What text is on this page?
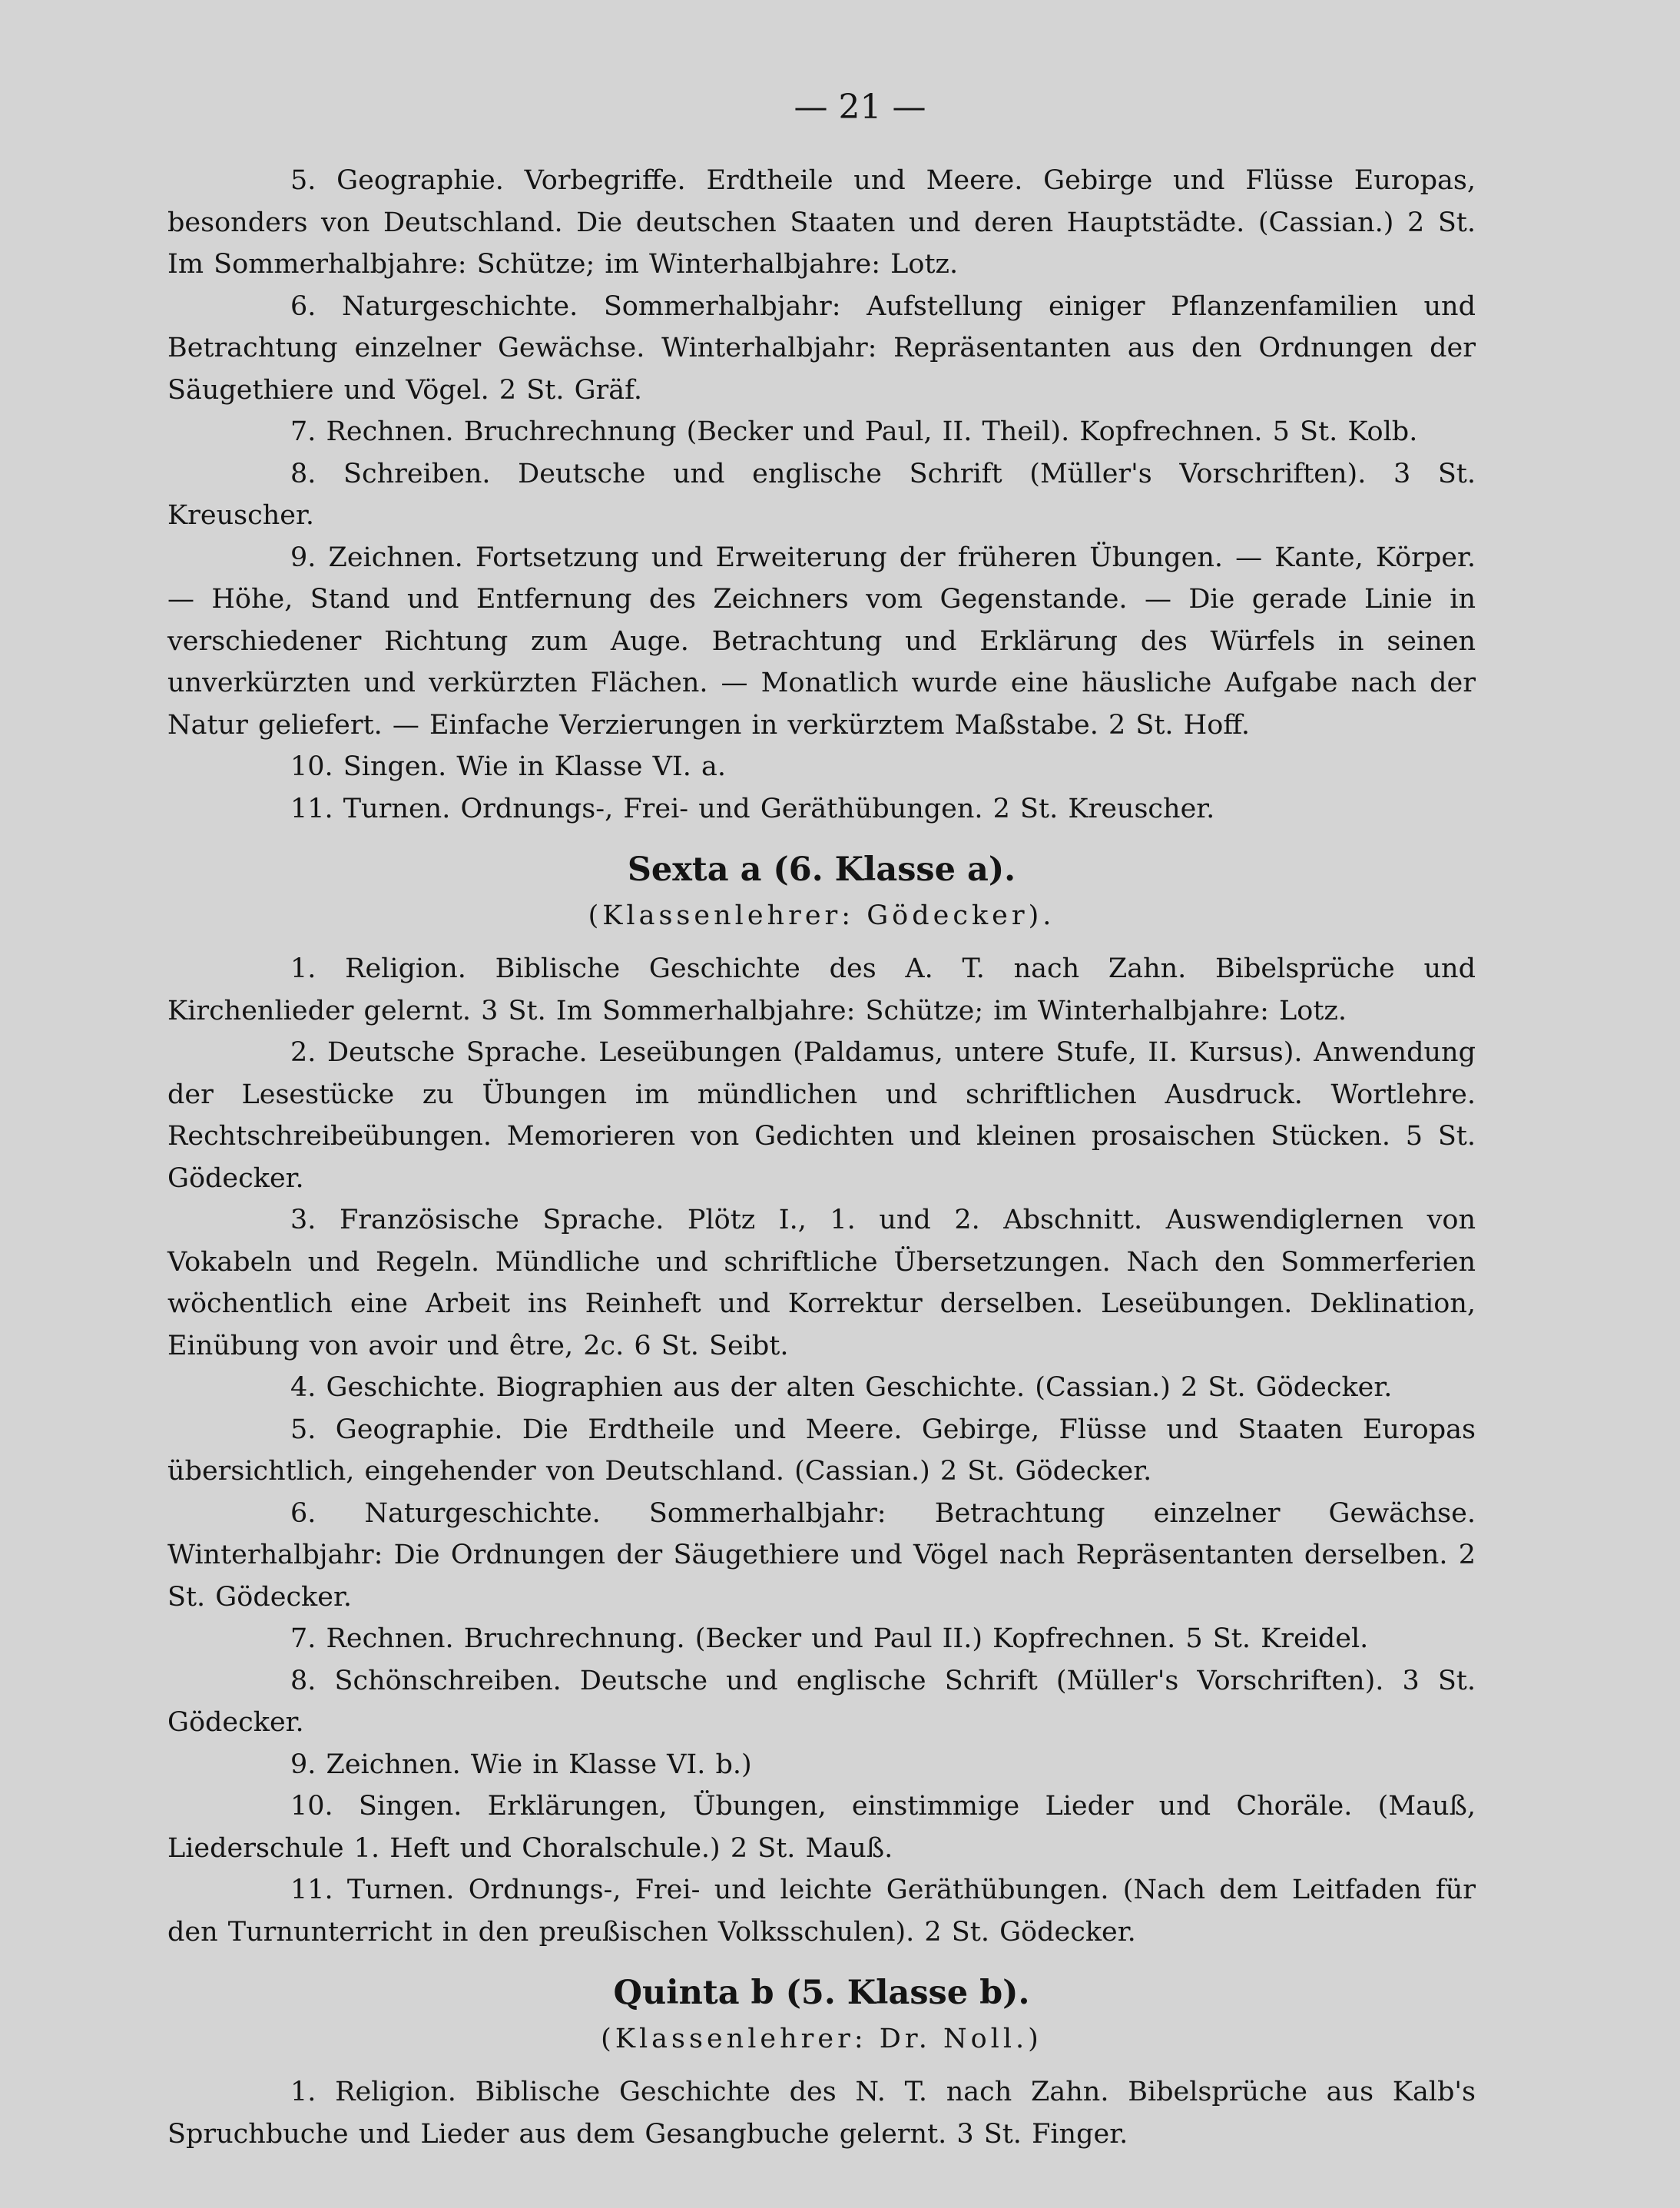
— 21 —

5. Geographie. Vorbegriffe. Erdtheile und Meere. Gebirge und Flüsse Europas, besonders von Deutschland. Die deutschen Staaten und deren Hauptstädte. (Cassian.) 2 St. Im Sommerhalbjahre: Schütze; im Winterhalbjahre: Lotz.

6. Naturgeschichte. Sommerhalbjahr: Aufstellung einiger Pflanzenfamilien und Betrachtung einzelner Gewächse. Winterhalbjahr: Repräsentanten aus den Ordnungen der Säugethiere und Vögel. 2 St. Gräf.

7. Rechnen. Bruchrechnung (Becker und Paul, II. Theil). Kopfrechnen. 5 St. Kolb.

8. Schreiben. Deutsche und englische Schrift (Müller's Vorschriften). 3 St. Kreuscher.

9. Zeichnen. Fortsetzung und Erweiterung der früheren Übungen. — Kante, Körper. — Höhe, Stand und Entfernung des Zeichners vom Gegenstande. — Die gerade Linie in verschiedener Richtung zum Auge. Betrachtung und Erklärung des Würfels in seinen unverkürzten und verkürzten Flächen. — Monatlich wurde eine häusliche Aufgabe nach der Natur geliefert. — Einfache Verzierungen in verkürztem Maßstabe. 2 St. Hoff.

10. Singen. Wie in Klasse VI. a.

11. Turnen. Ordnungs-, Frei- und Geräthübungen. 2 St. Kreuscher.

Sexta a (6. Klasse a).

(Klassenlehrer: Gödecker).

1. Religion. Biblische Geschichte des A. T. nach Zahn. Bibelsprüche und Kirchenlieder gelernt. 3 St. Im Sommerhalbjahre: Schütze; im Winterhalbjahre: Lotz.

2. Deutsche Sprache. Leseübungen (Paldamus, untere Stufe, II. Kursus). Anwendung der Lesestücke zu Übungen im mündlichen und schriftlichen Ausdruck. Wortlehre. Rechtschreibeübungen. Memorieren von Gedichten und kleinen prosaischen Stücken. 5 St. Gödecker.

3. Französische Sprache. Plötz I., 1. und 2. Abschnitt. Auswendiglernen von Vokabeln und Regeln. Mündliche und schriftliche Übersetzungen. Nach den Sommerferien wöchentlich eine Arbeit ins Reinheft und Korrektur derselben. Leseübungen. Deklination, Einübung von avoir und être, 2c. 6 St. Seibt.

4. Geschichte. Biographien aus der alten Geschichte. (Cassian.) 2 St. Gödecker.

5. Geographie. Die Erdtheile und Meere. Gebirge, Flüsse und Staaten Europas übersichtlich, eingehender von Deutschland. (Cassian.) 2 St. Gödecker.

6. Naturgeschichte. Sommerhalbjahr: Betrachtung einzelner Gewächse. Winterhalbjahr: Die Ordnungen der Säugethiere und Vögel nach Repräsentanten derselben. 2 St. Gödecker.

7. Rechnen. Bruchrechnung. (Becker und Paul II.) Kopfrechnen. 5 St. Kreidel.

8. Schönschreiben. Deutsche und englische Schrift (Müller's Vorschriften). 3 St. Gödecker.

9. Zeichnen. Wie in Klasse VI. b.)

10. Singen. Erklärungen, Übungen, einstimmige Lieder und Choräle. (Mauß, Liederschule 1. Heft und Choralschule.) 2 St. Mauß.

11. Turnen. Ordnungs-, Frei- und leichte Geräthübungen. (Nach dem Leitfaden für den Turnunterricht in den preußischen Volksschulen). 2 St. Gödecker.

Quinta b (5. Klasse b).

(Klassenlehrer: Dr. Noll.)

1. Religion. Biblische Geschichte des N. T. nach Zahn. Bibelsprüche aus Kalb's Spruchbuche und Lieder aus dem Gesangbuche gelernt. 3 St. Finger.
